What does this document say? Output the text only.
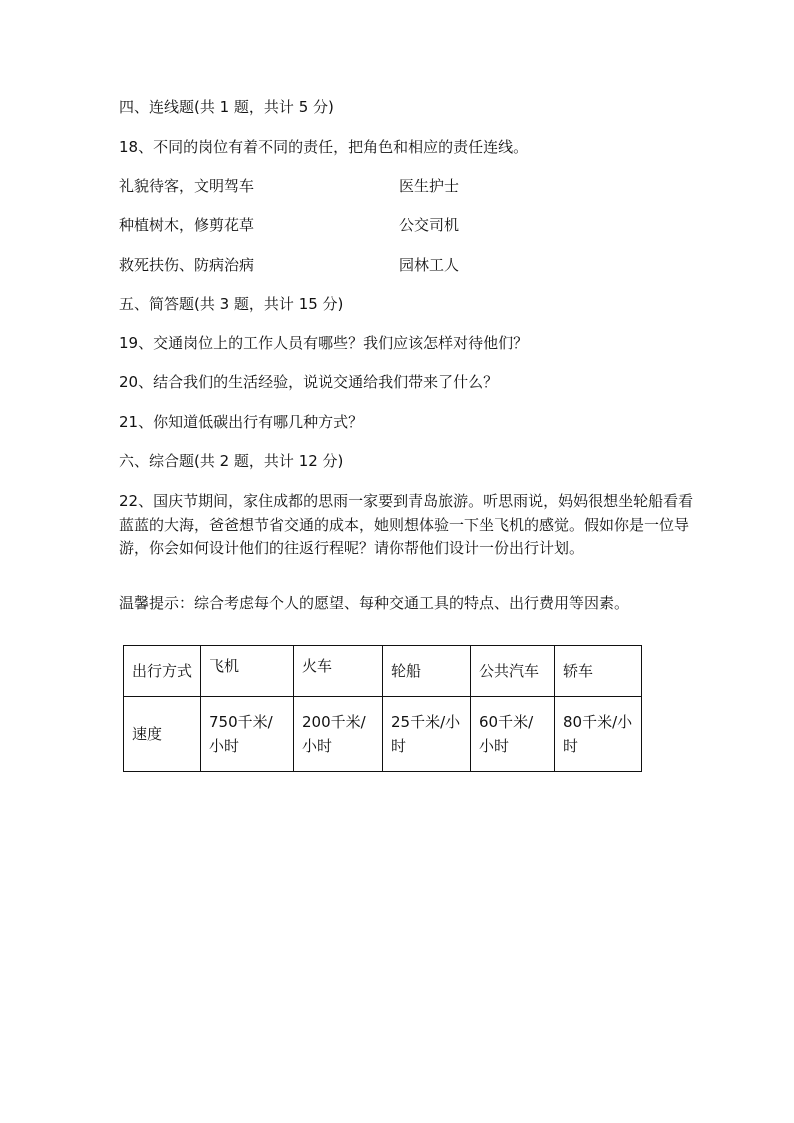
四、连线题(共 1 题，共计 5 分)
18、不同的岗位有着不同的责任，把角色和相应的责任连线。
礼貌待客，文明驾车	医生护士
种植树木，修剪花草	公交司机
救死扶伤、防病治病	园林工人
五、简答题(共 3 题，共计 15 分)
19、交通岗位上的工作人员有哪些？我们应该怎样对待他们？
20、结合我们的生活经验，说说交通给我们带来了什么？
21、你知道低碳出行有哪几种方式？
六、综合题(共 2 题，共计 12 分)
22、国庆节期间，家住成都的思雨一家要到青岛旅游。听思雨说，妈妈很想坐轮船看看蓝蓝的大海，爸爸想节省交通的成本，她则想体验一下坐飞机的感觉。假如你是一位导游，你会如何设计他们的往返行程呢？请你帮他们设计一份出行计划。
温馨提示：综合考虑每个人的愿望、每种交通工具的特点、出行费用等因素。
出行方式	飞机	火车	轮船	公共汽车	轿车
速度	750千米/小时	200千米/小时	25千米/小时	60千米/小时	80千米/小时
